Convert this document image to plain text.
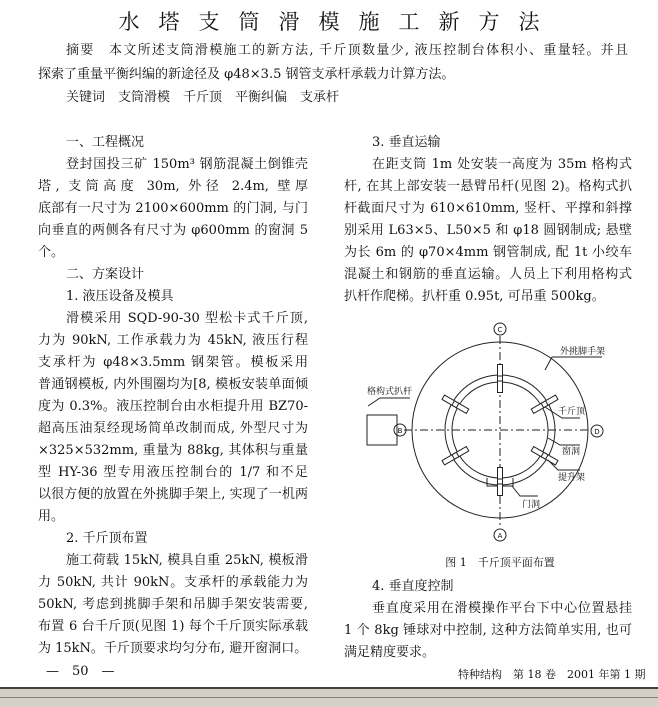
水塔支筒滑模施工新方法
摘要　本文所述支筒滑模施工的新方法, 千斤顶数量少, 液压控制台体积小、重量轻。并且
探索了重量平衡纠编的新途径及 φ48×3.5 钢管支承杆承载力计算方法。
关键词　支筒滑模　千斤顶　平衡纠偏　支承杆
一、工程概况
登封国投三矿 150m³ 钢筋混凝土倒锥壳
塔, 支筒高度 30m, 外径 2.4m, 壁厚
底部有一尺寸为 2100×600mm 的门洞, 与门
向垂直的两侧各有尺寸为 φ600mm 的窗洞 5
个。
二、方案设计
1. 液压设备及模具
滑模采用 SQD-90-30 型松卡式千斤顶,
力为 90kN, 工作承载力为 45kN, 液压行程
支承杆为 φ48×3.5mm 钢架管。模板采用
普通钢模板, 内外围圈均为[8, 模板安装单面倾
度为 0.3%。液压控制台由水柜提升用 BZ70-
超高压油泵经现场简单改制而成, 外型尺寸为
×325×532mm, 重量为 88kg, 其体积与重量
型 HY-36 型专用液压控制台的 1/7 和不足
以很方便的放置在外挑脚手架上, 实现了一机两
用。
2. 千斤顶布置
施工荷载 15kN, 模具自重 25kN, 模板滑
力 50kN, 共计 90kN。支承杆的承载能力为
50kN, 考虑到挑脚手架和吊脚手架安装需要,
布置 6 台千斤顶(见图 1) 每个千斤顶实际承载
为 15kN。千斤顶要求均匀分布, 避开窗洞口。
3. 垂直运输
在距支筒 1m 处安装一高度为 35m 格构式
杆, 在其上部安装一悬臂吊杆(见图 2)。格构式扒
杆截面尺寸为 610×610mm, 竖杆、平撑和斜撑
别采用 L63×5、L50×5 和 φ18 圆钢制成; 悬壁
为长 6m 的 φ70×4mm 钢管制成, 配 1t 小绞车
混凝土和钢筋的垂直运输。人员上下利用格构式
扒杆作爬梯。扒杆重 0.95t, 可吊重 500kg。
C
A
B	D
外挑脚手架
格构式扒杆
千斤顶
窗洞
提升架
门洞
图 1　千斤顶平面布置
4. 垂直度控制
垂直度采用在滑模操作平台下中心位置悬挂
1 个 8kg 锤球对中控制, 这种方法简单实用, 也可
满足精度要求。
—　50　—	特种结构　第 18 卷　2001 年第 1 期
